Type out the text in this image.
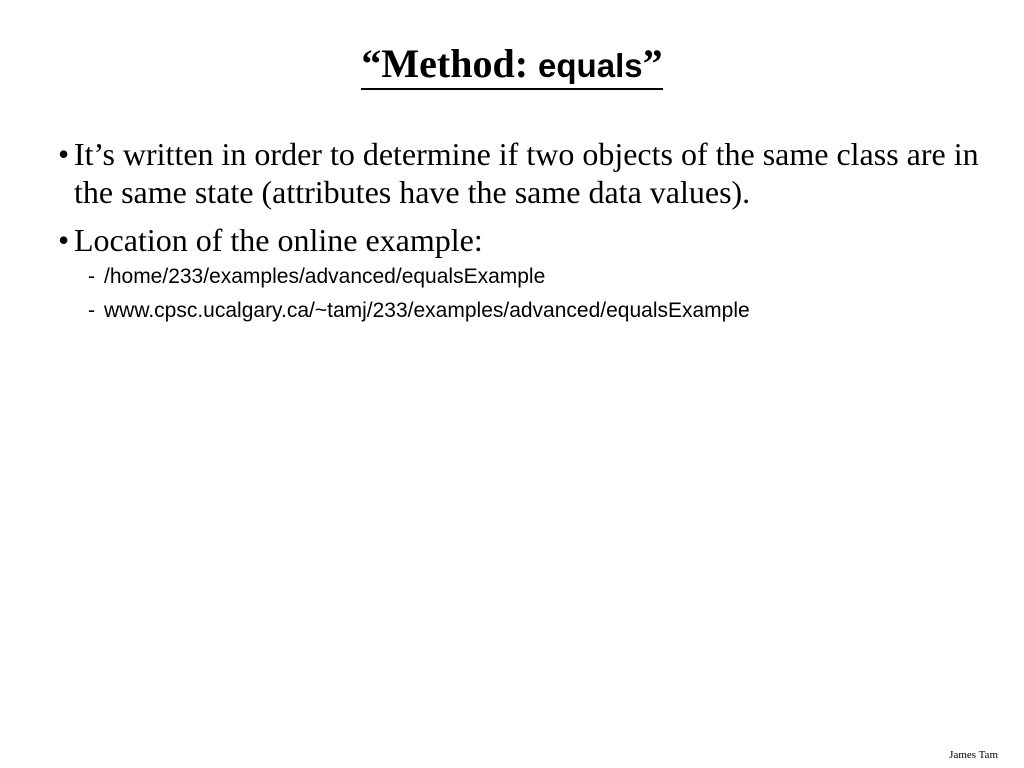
“Method: equals”
• It’s written in order to determine if two objects of the same class are in the same state (attributes have the same data values).
• Location of the online example:
- /home/233/examples/advanced/equalsExample
- www.cpsc.ucalgary.ca/~tamj/233/examples/advanced/equalsExample
James Tam
